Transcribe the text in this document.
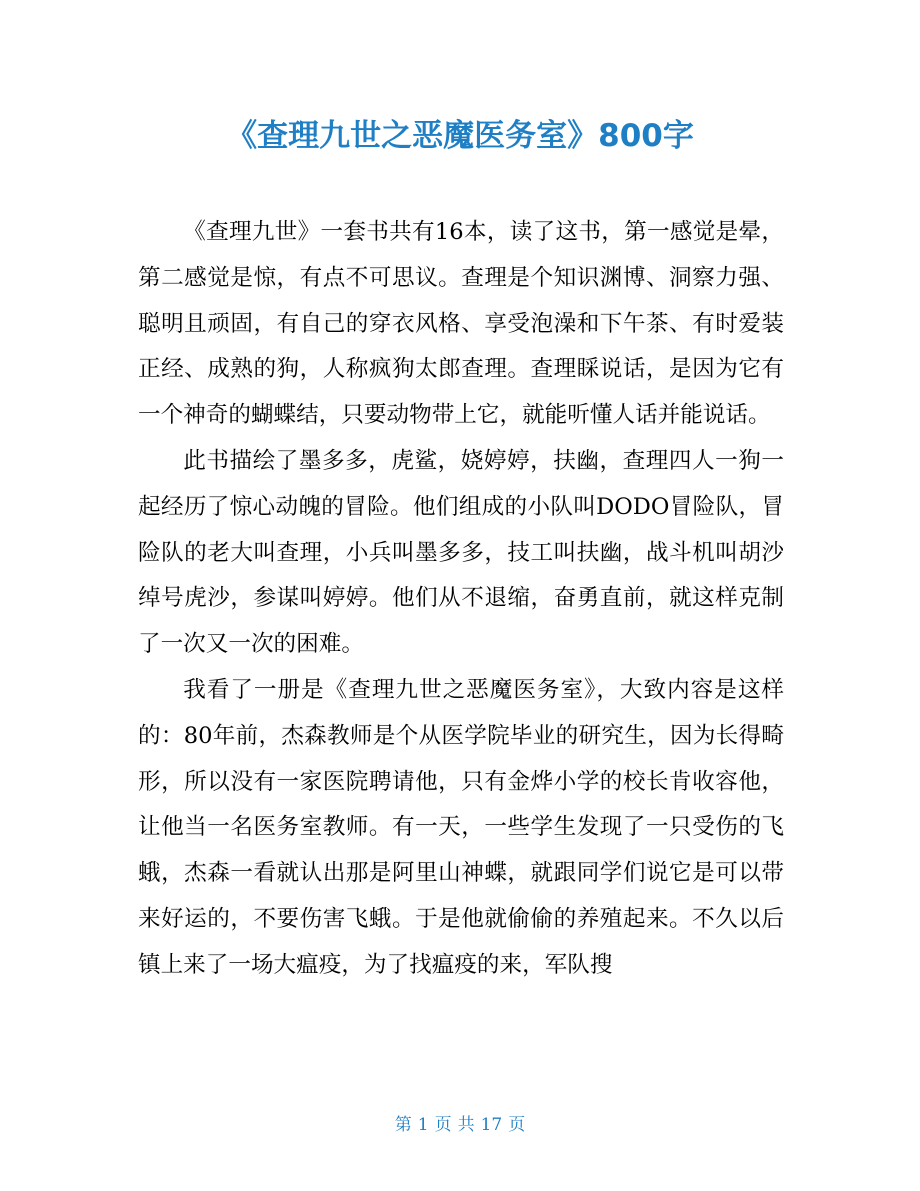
《查理九世之恶魔医务室》800字

《查理九世》一套书共有16本，读了这书，第一感觉是晕，第二感觉是惊，有点不可思议。查理是个知识渊博、洞察力强、聪明且顽固，有自己的穿衣风格、享受泡澡和下午茶、有时爱装正经、成熟的狗，人称疯狗太郎查理。查理睬说话，是因为它有一个神奇的蝴蝶结，只要动物带上它，就能听懂人话并能说话。

此书描绘了墨多多，虎鲨，娆婷婷，扶幽，查理四人一狗一起经历了惊心动魄的冒险。他们组成的小队叫DODO冒险队，冒险队的老大叫查理，小兵叫墨多多，技工叫扶幽，战斗机叫胡沙绰号虎沙，参谋叫婷婷。他们从不退缩，奋勇直前，就这样克制了一次又一次的困难。

我看了一册是《查理九世之恶魔医务室》，大致内容是这样的：80年前，杰森教师是个从医学院毕业的研究生，因为长得畸形，所以没有一家医院聘请他，只有金烨小学的校长肯收容他，让他当一名医务室教师。有一天，一些学生发现了一只受伤的飞蛾，杰森一看就认出那是阿里山神蝶，就跟同学们说它是可以带来好运的，不要伤害飞蛾。于是他就偷偷的养殖起来。不久以后镇上来了一场大瘟疫，为了找瘟疫的来，军队搜

第 1 页 共 17 页
